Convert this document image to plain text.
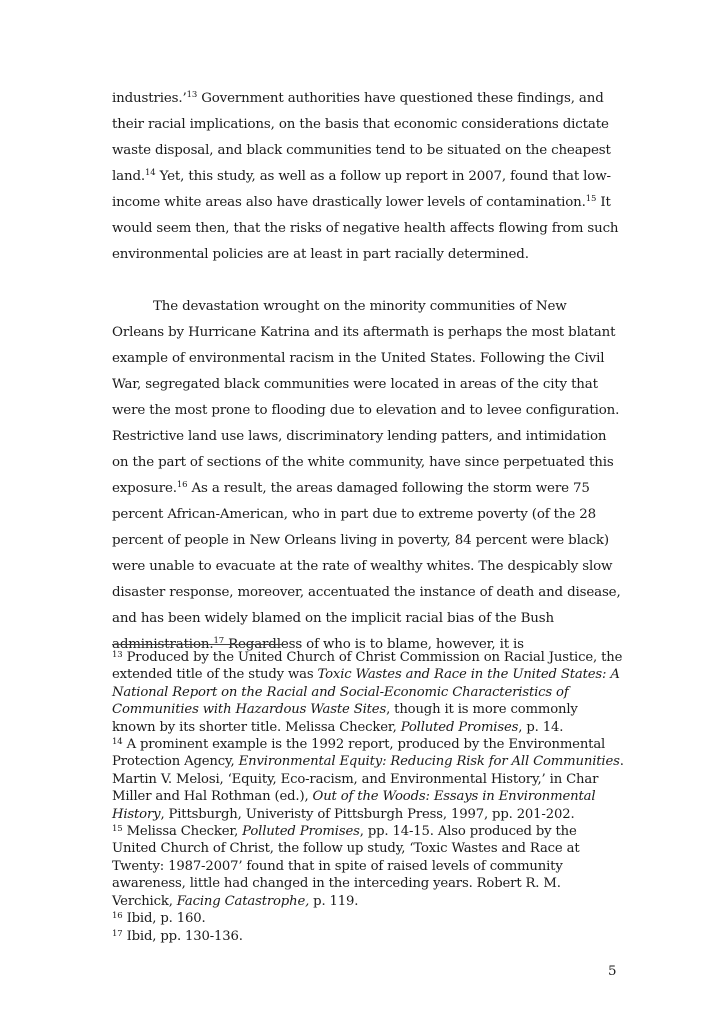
industries.’$^{13}$ Government authorities have questioned these findings, and their racial implications, on the basis that economic considerations dictate waste disposal, and black communities tend to be situated on the cheapest land.$^{14}$ Yet, this study, as well as a follow up report in 2007, found that low-income white areas also have drastically lower levels of contamination.$^{15}$ It would seem then, that the risks of negative health affects flowing from such environmental policies are at least in part racially determined.

The devastation wrought on the minority communities of New Orleans by Hurricane Katrina and its aftermath is perhaps the most blatant example of environmental racism in the United States. Following the Civil War, segregated black communities were located in areas of the city that were the most prone to flooding due to elevation and to levee configuration. Restrictive land use laws, discriminatory lending patters, and intimidation on the part of sections of the white community, have since perpetuated this exposure.$^{16}$ As a result, the areas damaged following the storm were 75 percent African-American, who in part due to extreme poverty (of the 28 percent of people in New Orleans living in poverty, 84 percent were black) were unable to evacuate at the rate of wealthy whites. The despicably slow disaster response, moreover, accentuated the instance of death and disease, and has been widely blamed on the implicit racial bias of the Bush administration.$^{17}$ Regardless of who is to blame, however, it is

$^{13}$ Produced by the United Church of Christ Commission on Racial Justice, the extended title of the study was Toxic Wastes and Race in the United States: A National Report on the Racial and Social-Economic Characteristics of Communities with Hazardous Waste Sites, though it is more commonly known by its shorter title. Melissa Checker, Polluted Promises, p. 14.

$^{14}$ A prominent example is the 1992 report, produced by the Environmental Protection Agency, Environmental Equity: Reducing Risk for All Communities. Martin V. Melosi, ‘Equity, Eco-racism, and Environmental History,’ in Char Miller and Hal Rothman (ed.), Out of the Woods: Essays in Environmental History, Pittsburgh, Univeristy of Pittsburgh Press, 1997, pp. 201-202.

$^{15}$ Melissa Checker, Polluted Promises, pp. 14-15. Also produced by the United Church of Christ, the follow up study, ‘Toxic Wastes and Race at Twenty: 1987-2007’ found that in spite of raised levels of community awareness, little had changed in the interceding years. Robert R. M. Verchick, Facing Catastrophe, p. 119.

$^{16}$ Ibid, p. 160.

$^{17}$ Ibid, pp. 130-136.

5
